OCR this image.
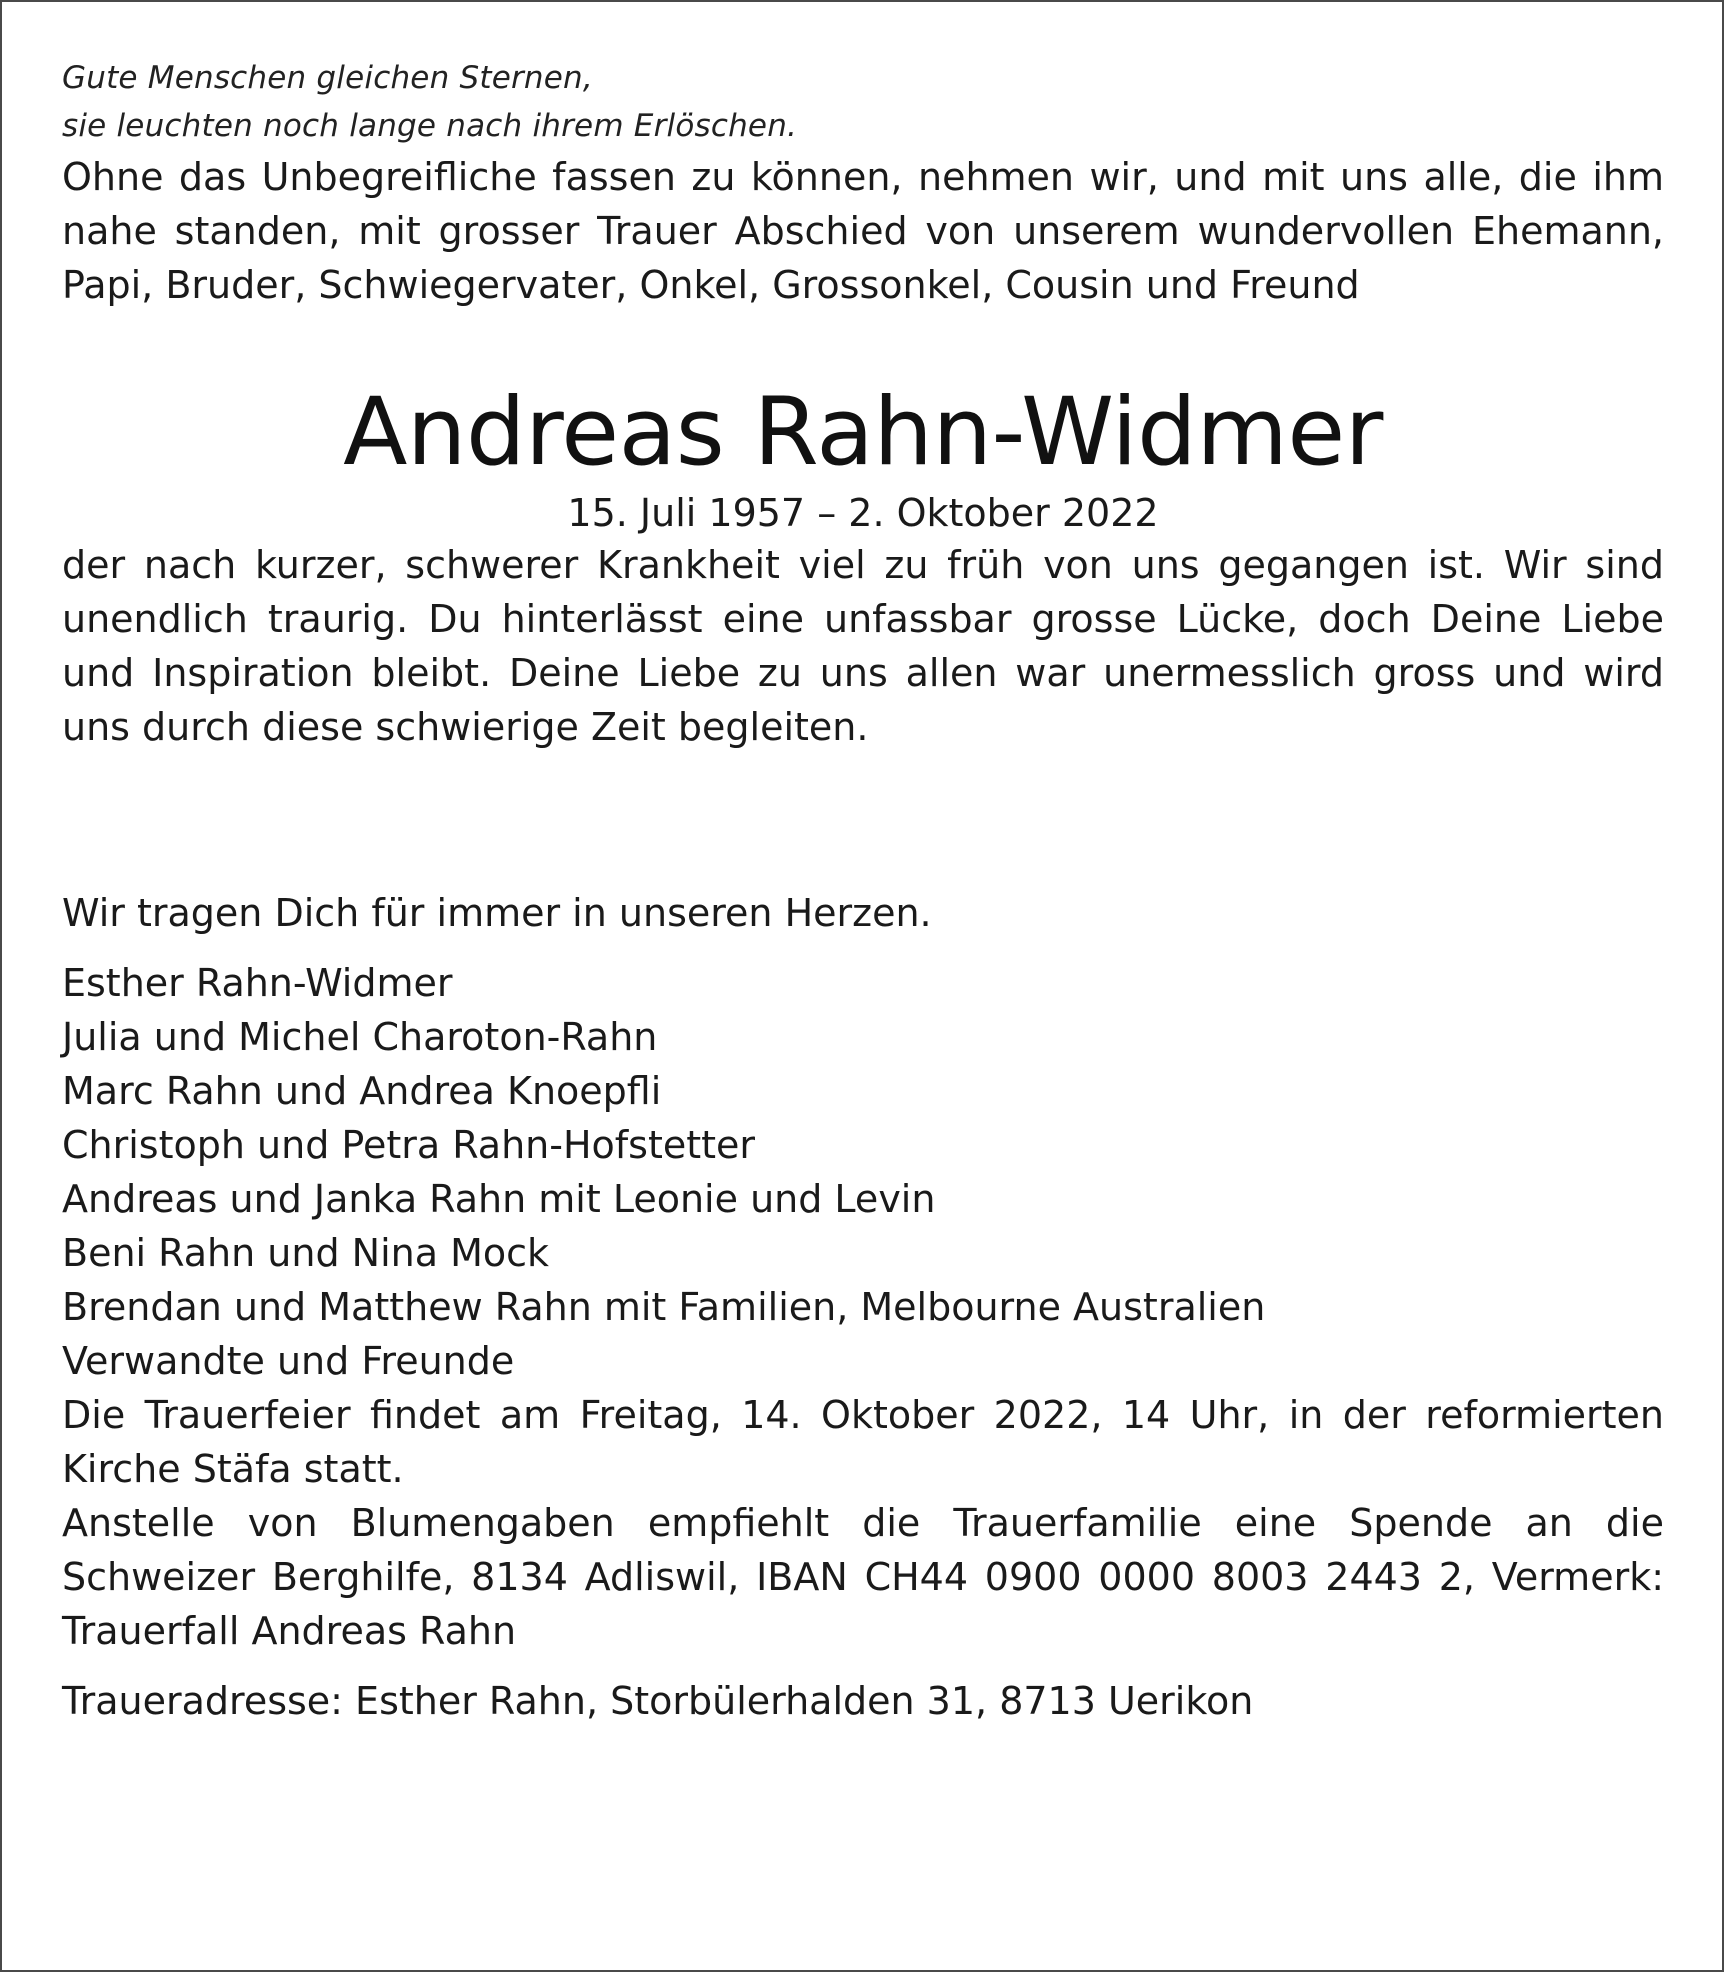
Gute Menschen gleichen Sternen,
sie leuchten noch lange nach ihrem Erlöschen.

Ohne das Unbegreifliche fassen zu können, nehmen wir, und mit uns alle, die ihm nahe standen, mit grosser Trauer Abschied von unserem wundervollen Ehemann, Papi, Bruder, Schwiegervater, Onkel, Grossonkel, Cousin und Freund

Andreas Rahn-Widmer

15. Juli 1957 – 2. Oktober 2022

der nach kurzer, schwerer Krankheit viel zu früh von uns gegangen ist. Wir sind unendlich traurig. Du hinterlässt eine unfassbar grosse Lücke, doch Deine Liebe und Inspiration bleibt. Deine Liebe zu uns allen war unermesslich gross und wird uns durch diese schwierige Zeit begleiten.

Wir tragen Dich für immer in unseren Herzen.

Esther Rahn-Widmer
Julia und Michel Charoton-Rahn
Marc Rahn und Andrea Knoepfli
Christoph und Petra Rahn-Hofstetter
Andreas und Janka Rahn mit Leonie und Levin
Beni Rahn und Nina Mock
Brendan und Matthew Rahn mit Familien, Melbourne Australien
Verwandte und Freunde

Die Trauerfeier findet am Freitag, 14. Oktober 2022, 14 Uhr, in der reformierten Kirche Stäfa statt.

Anstelle von Blumengaben empfiehlt die Trauerfamilie eine Spende an die Schweizer Berghilfe, 8134 Adliswil, IBAN CH44 0900 0000 8003 2443 2, Vermerk: Trauerfall Andreas Rahn

Traueradresse: Esther Rahn, Storbülerhalden 31, 8713 Uerikon
